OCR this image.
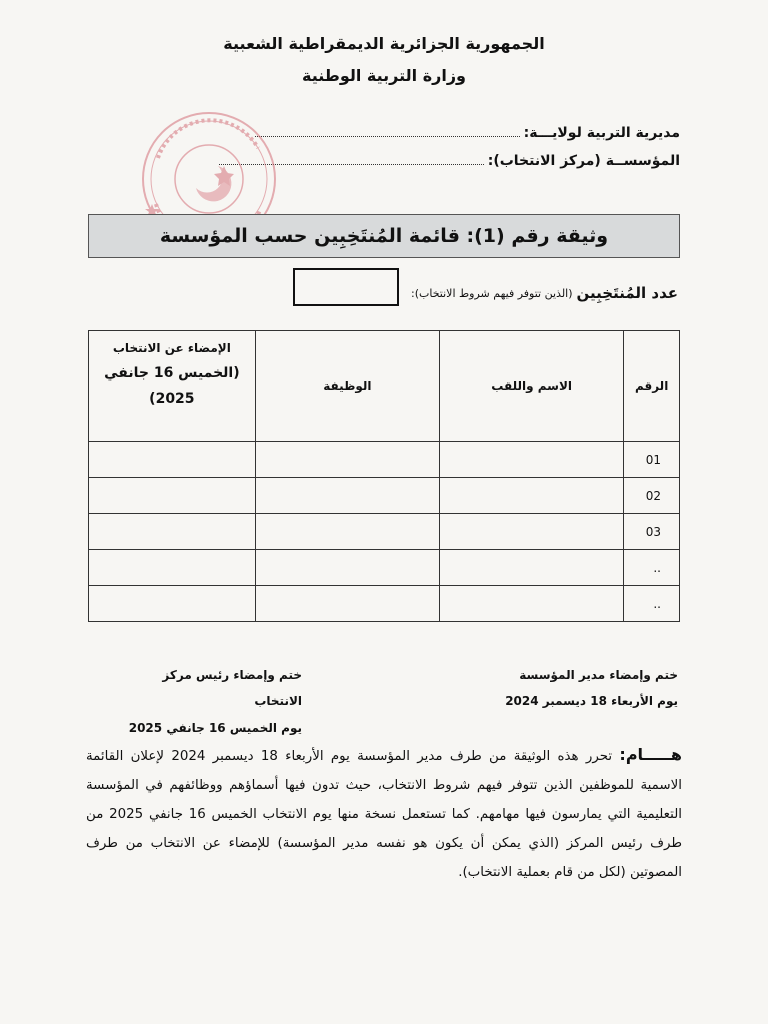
الجمهورية الجزائرية الديمقراطية الشعبية
وزارة التربية الوطنية
مديرية التربية لولايـــة:
المؤسســة (مركز الانتخاب):
وثيقة رقم (1): قائمة المُنتَخِبِين حسب المؤسسة
عدد المُنتَخِبِين
(الذين تتوفر فيهم شروط الانتخاب):
الرقم	الاسم واللقب	الوظيفة	الإمضاء عن الانتخاب
(الخميس 16 جانفي
2025)

01			
02			
03			
..			
..			
ختم وإمضاء مدير المؤسسة
يوم الأربعاء 18 ديسمبر 2024
ختم وإمضاء رئيس مركز الانتخاب
يوم الخميس 16 جانفي 2025
هـــــام: تحرر هذه الوثيقة من طرف مدير المؤسسة يوم الأربعاء 18 ديسمبر 2024 لإعلان القائمة الاسمية للموظفين الذين تتوفر فيهم شروط الانتخاب، حيث تدون فيها أسماؤهم ووظائفهم في المؤسسة التعليمية التي يمارسون فيها مهامهم. كما تستعمل نسخة منها يوم الانتخاب الخميس 16 جانفي 2025 من طرف رئيس المركز (الذي يمكن أن يكون هو نفسه مدير المؤسسة) للإمضاء عن الانتخاب من طرف المصوتين (لكل من قام بعملية الانتخاب).
